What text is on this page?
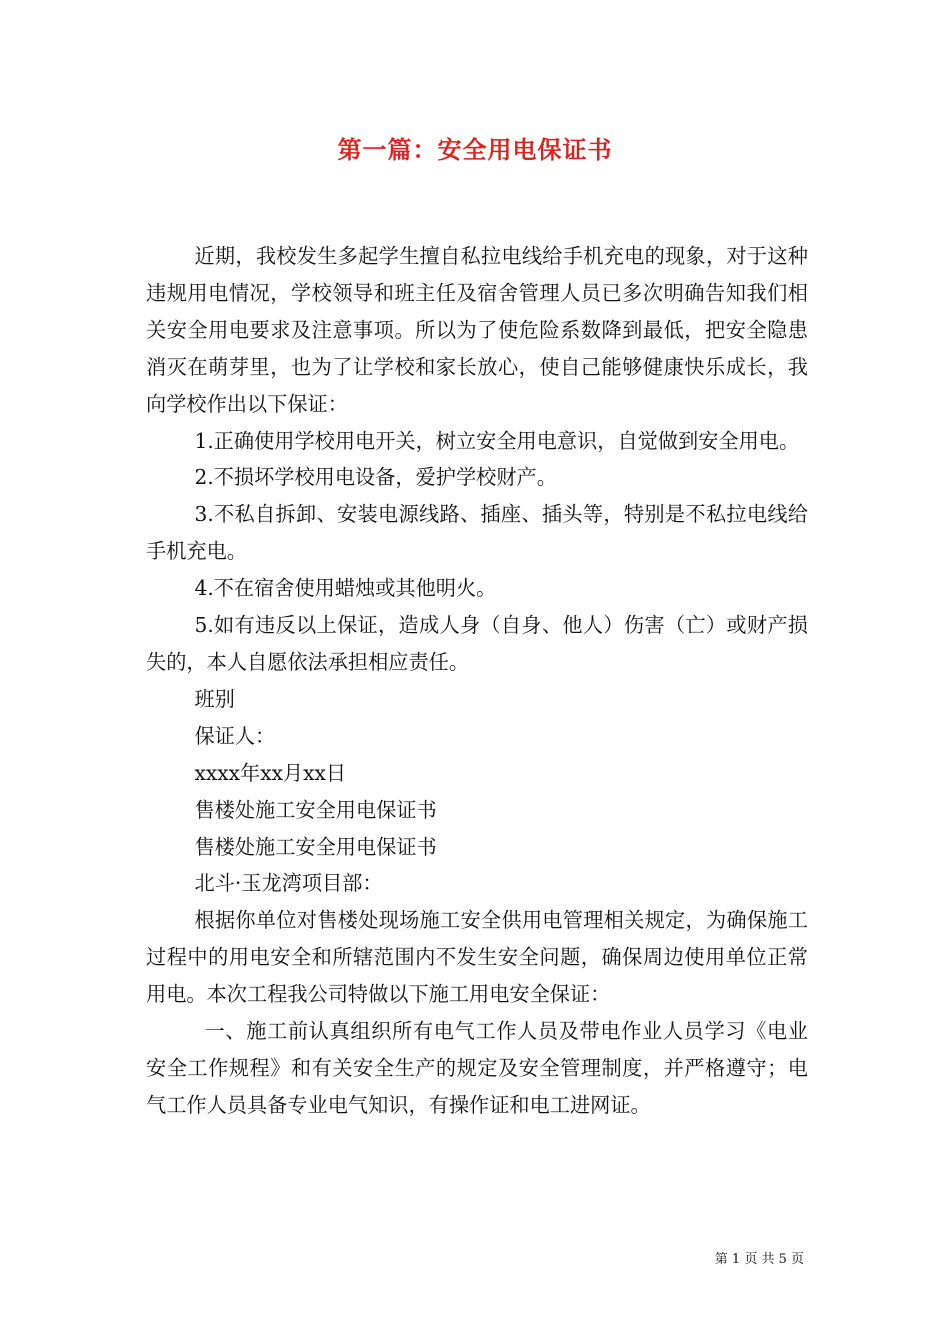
第一篇：安全用电保证书

近期，我校发生多起学生擅自私拉电线给手机充电的现象，对于这种违规用电情况，学校领导和班主任及宿舍管理人员已多次明确告知我们相关安全用电要求及注意事项。所以为了使危险系数降到最低，把安全隐患消灭在萌芽里，也为了让学校和家长放心，使自己能够健康快乐成长，我向学校作出以下保证：

1.正确使用学校用电开关，树立安全用电意识，自觉做到安全用电。

2.不损坏学校用电设备，爱护学校财产。

3.不私自拆卸、安装电源线路、插座、插头等，特别是不私拉电线给手机充电。

4.不在宿舍使用蜡烛或其他明火。

5.如有违反以上保证，造成人身（自身、他人）伤害（亡）或财产损失的，本人自愿依法承担相应责任。

班别

保证人：

xxxx年xx月xx日

售楼处施工安全用电保证书

售楼处施工安全用电保证书

北斗·玉龙湾项目部：

根据你单位对售楼处现场施工安全供用电管理相关规定，为确保施工过程中的用电安全和所辖范围内不发生安全问题，确保周边使用单位正常用电。本次工程我公司特做以下施工用电安全保证：

一、施工前认真组织所有电气工作人员及带电作业人员学习《电业安全工作规程》和有关安全生产的规定及安全管理制度，并严格遵守；电气工作人员具备专业电气知识，有操作证和电工进网证。

第 1 页 共 5 页
